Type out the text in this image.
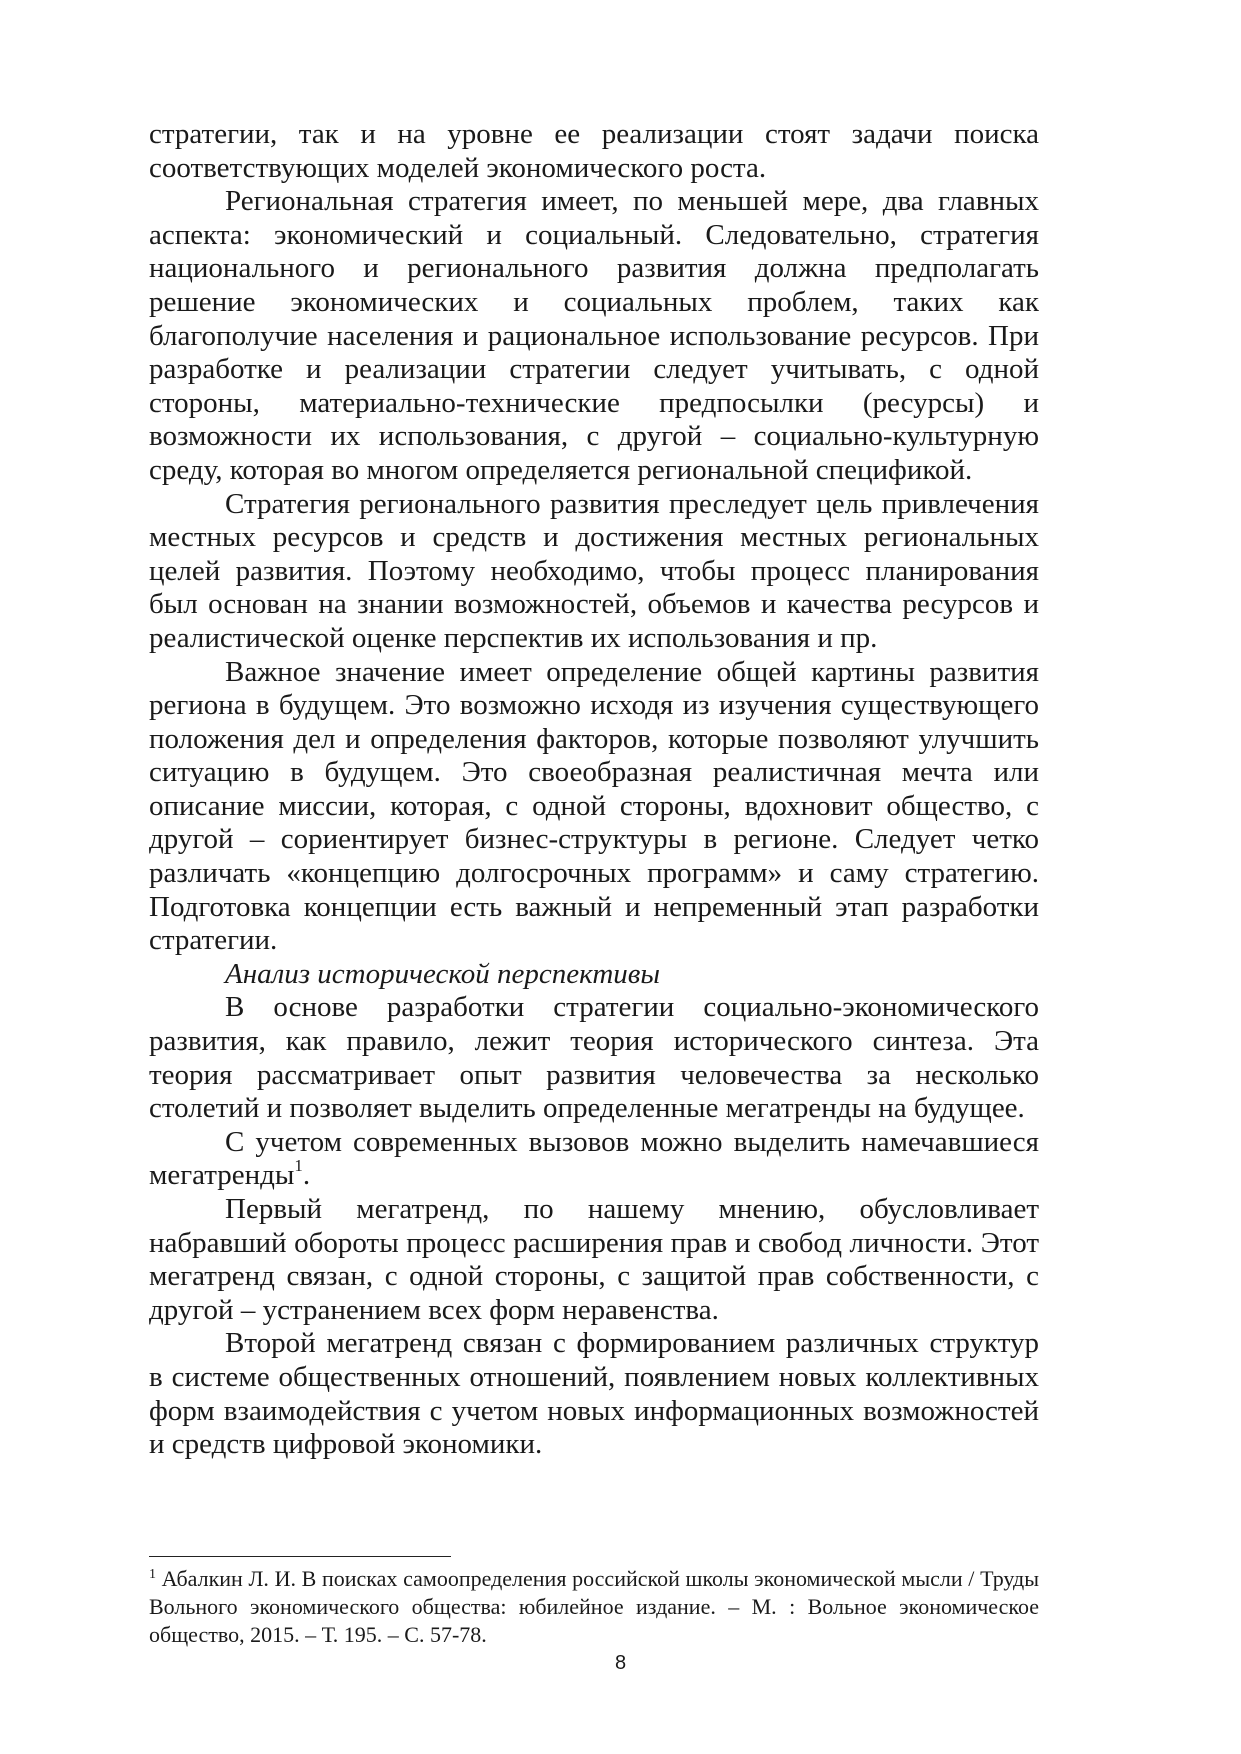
стратегии, так и на уровне ее реализации стоят задачи поиска соответствующих моделей экономического роста.

Региональная стратегия имеет, по меньшей мере, два главных аспекта: экономический и социальный. Следовательно, стратегия национального и регионального развития должна предполагать решение экономических и социальных проблем, таких как благополучие населения и рациональное использование ресурсов. При разработке и реализации стратегии следует учитывать, с одной стороны, материально-технические предпосылки (ресурсы) и возможности их использования, с другой – социально-культурную среду, которая во многом определяется региональной спецификой.

Стратегия регионального развития преследует цель привлечения местных ресурсов и средств и достижения местных региональных целей развития. Поэтому необходимо, чтобы процесс планирования был основан на знании возможностей, объемов и качества ресурсов и реалистической оценке перспектив их использования и пр.

Важное значение имеет определение общей картины развития региона в будущем. Это возможно исходя из изучения существующего положения дел и определения факторов, которые позволяют улучшить ситуацию в будущем. Это своеобразная реалистичная мечта или описание миссии, которая, с одной стороны, вдохновит общество, с другой – сориентирует бизнес-структуры в регионе. Следует четко различать «концепцию долгосрочных программ» и саму стратегию. Подготовка концепции есть важный и непременный этап разработки стратегии.

Анализ исторической перспективы

В основе разработки стратегии социально-экономического развития, как правило, лежит теория исторического синтеза. Эта теория рассматривает опыт развития человечества за несколько столетий и позволяет выделить определенные мегатренды на будущее.

С учетом современных вызовов можно выделить намечавшиеся мегатренды$^1$.

Первый мегатренд, по нашему мнению, обусловливает набравший обороты процесс расширения прав и свобод личности. Этот мегатренд связан, с одной стороны, с защитой прав собственности, с другой – устранением всех форм неравенства.

Второй мегатренд связан с формированием различных структур в системе общественных отношений, появлением новых коллективных форм взаимодействия с учетом новых информационных возможностей и средств цифровой экономики.

$^1$ Абалкин Л. И. В поисках самоопределения российской школы экономической мысли / Труды Вольного экономического общества: юбилейное издание. – М. : Вольное экономическое общество, 2015. – Т. 195. – С. 57-78.

8
